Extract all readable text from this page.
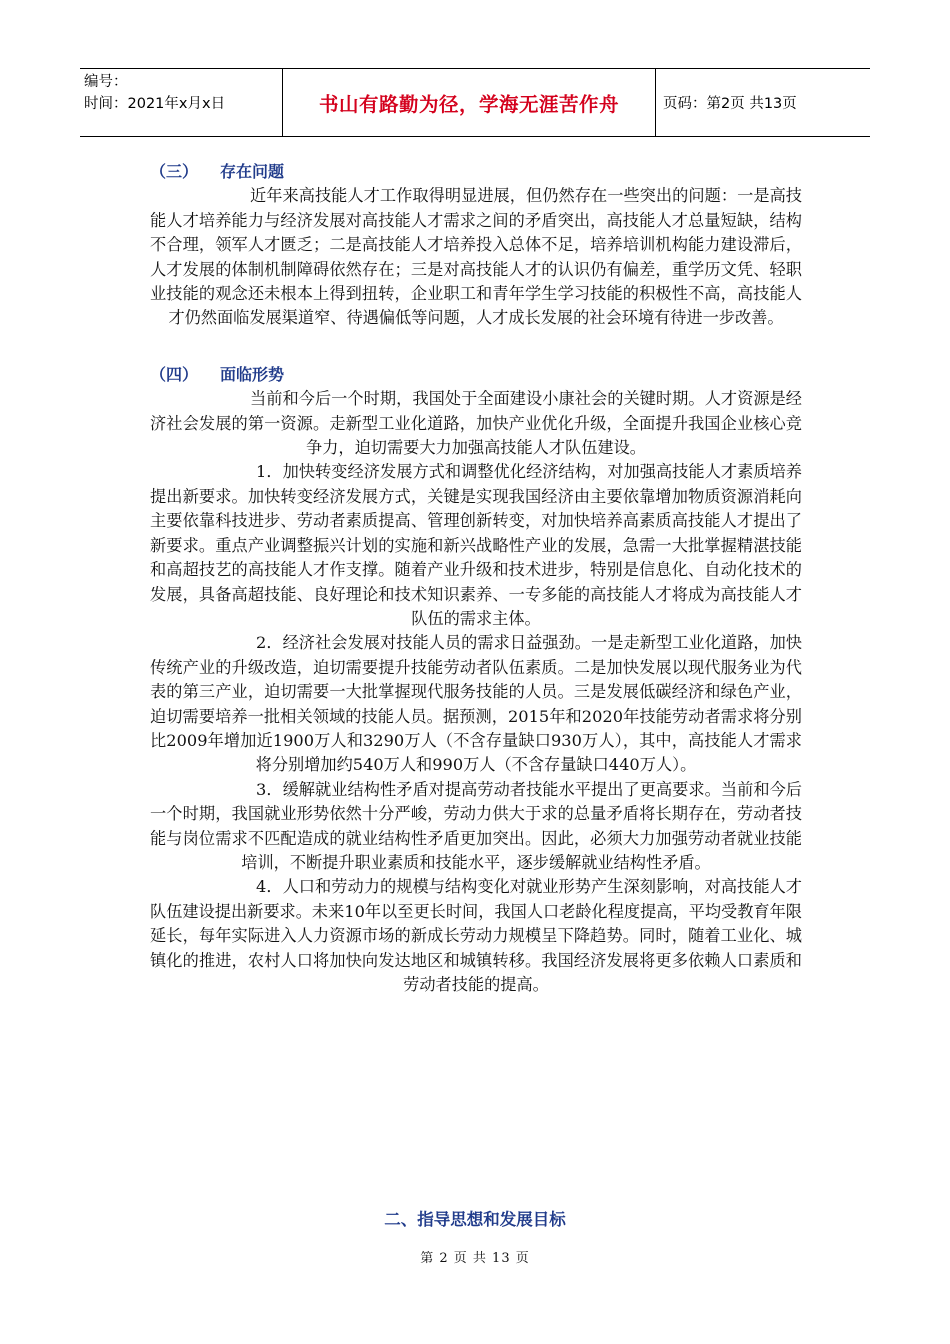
编号：
时间：2021年x月x日	书山有路勤为径，学海无涯苦作舟	页码：第2页 共13页
（三） 存在问题

近年来高技能人才工作取得明显进展，但仍然存在一些突出的问题：一是高技能人才培养能力与经济发展对高技能人才需求之间的矛盾突出，高技能人才总量短缺，结构不合理，领军人才匮乏；二是高技能人才培养投入总体不足，培养培训机构能力建设滞后，人才发展的体制机制障碍依然存在；三是对高技能人才的认识仍有偏差，重学历文凭、轻职业技能的观念还未根本上得到扭转，企业职工和青年学生学习技能的积极性不高，高技能人才仍然面临发展渠道窄、待遇偏低等问题，人才成长发展的社会环境有待进一步改善。

（四） 面临形势

当前和今后一个时期，我国处于全面建设小康社会的关键时期。人才资源是经济社会发展的第一资源。走新型工业化道路，加快产业优化升级，全面提升我国企业核心竞争力，迫切需要大力加强高技能人才队伍建设。

1．加快转变经济发展方式和调整优化经济结构，对加强高技能人才素质培养提出新要求。加快转变经济发展方式，关键是实现我国经济由主要依靠增加物质资源消耗向主要依靠科技进步、劳动者素质提高、管理创新转变，对加快培养高素质高技能人才提出了新要求。重点产业调整振兴计划的实施和新兴战略性产业的发展，急需一大批掌握精湛技能和高超技艺的高技能人才作支撑。随着产业升级和技术进步，特别是信息化、自动化技术的发展，具备高超技能、良好理论和技术知识素养、一专多能的高技能人才将成为高技能人才队伍的需求主体。

2．经济社会发展对技能人员的需求日益强劲。一是走新型工业化道路，加快传统产业的升级改造，迫切需要提升技能劳动者队伍素质。二是加快发展以现代服务业为代表的第三产业，迫切需要一大批掌握现代服务技能的人员。三是发展低碳经济和绿色产业，迫切需要培养一批相关领域的技能人员。据预测，2015年和2020年技能劳动者需求将分别比2009年增加近1900万人和3290万人（不含存量缺口930万人），其中，高技能人才需求将分别增加约540万人和990万人（不含存量缺口440万人）。

3．缓解就业结构性矛盾对提高劳动者技能水平提出了更高要求。当前和今后一个时期，我国就业形势依然十分严峻，劳动力供大于求的总量矛盾将长期存在，劳动者技能与岗位需求不匹配造成的就业结构性矛盾更加突出。因此，必须大力加强劳动者就业技能培训，不断提升职业素质和技能水平，逐步缓解就业结构性矛盾。

4．人口和劳动力的规模与结构变化对就业形势产生深刻影响，对高技能人才队伍建设提出新要求。未来10年以至更长时间，我国人口老龄化程度提高，平均受教育年限延长，每年实际进入人力资源市场的新成长劳动力规模呈下降趋势。同时，随着工业化、城镇化的推进，农村人口将加快向发达地区和城镇转移。我国经济发展将更多依赖人口素质和劳动者技能的提高。

二、指导思想和发展目标
第 2 页 共 13 页
